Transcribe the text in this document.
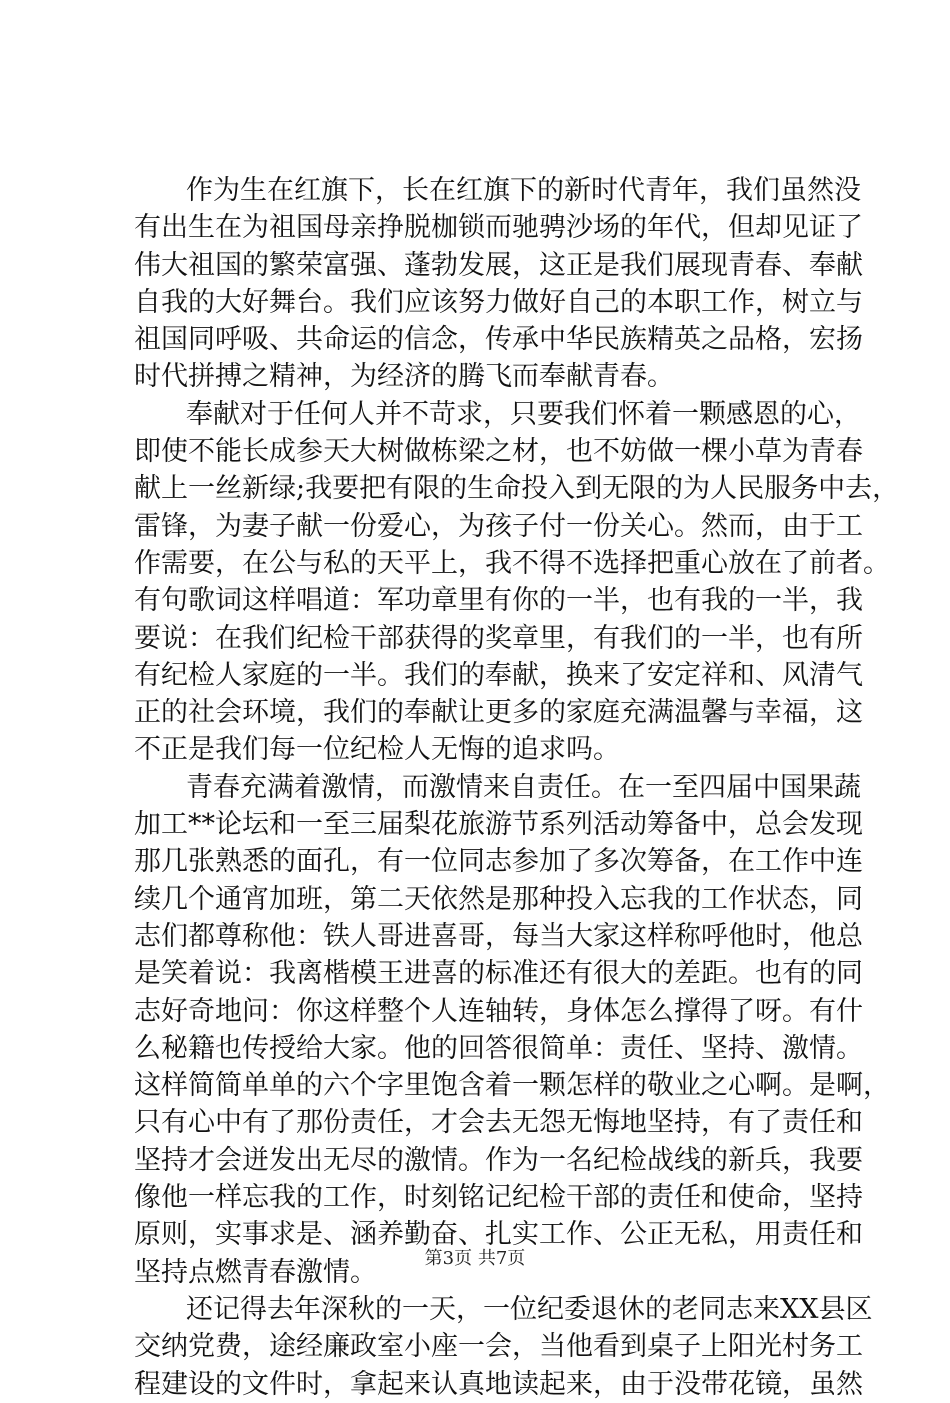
作为生在红旗下，长在红旗下的新时代青年，我们虽然没
有出生在为祖国母亲挣脱枷锁而驰骋沙场的年代，但却见证了
伟大祖国的繁荣富强、蓬勃发展，这正是我们展现青春、奉献
自我的大好舞台。我们应该努力做好自己的本职工作，树立与
祖国同呼吸、共命运的信念，传承中华民族精英之品格，宏扬
时代拼搏之精神，为经济的腾飞而奉献青春。
奉献对于任何人并不苛求，只要我们怀着一颗感恩的心，
即使不能长成参天大树做栋梁之材，也不妨做一棵小草为青春
献上一丝新绿;我要把有限的生命投入到无限的为人民服务中去，
雷锋，为妻子献一份爱心，为孩子付一份关心。然而，由于工
作需要，在公与私的天平上，我不得不选择把重心放在了前者。
有句歌词这样唱道：军功章里有你的一半，也有我的一半，我
要说：在我们纪检干部获得的奖章里，有我们的一半，也有所
有纪检人家庭的一半。我们的奉献，换来了安定祥和、风清气
正的社会环境，我们的奉献让更多的家庭充满温馨与幸福，这
不正是我们每一位纪检人无悔的追求吗。
青春充满着激情，而激情来自责任。在一至四届中国果蔬
加工**论坛和一至三届梨花旅游节系列活动筹备中，总会发现
那几张熟悉的面孔，有一位同志参加了多次筹备，在工作中连
续几个通宵加班，第二天依然是那种投入忘我的工作状态，同
志们都尊称他：铁人哥进喜哥，每当大家这样称呼他时，他总
是笑着说：我离楷模王进喜的标准还有很大的差距。也有的同
志好奇地问：你这样整个人连轴转，身体怎么撑得了呀。有什
么秘籍也传授给大家。他的回答很简单：责任、坚持、激情。
这样简简单单的六个字里饱含着一颗怎样的敬业之心啊。是啊，
只有心中有了那份责任，才会去无怨无悔地坚持，有了责任和
坚持才会迸发出无尽的激情。作为一名纪检战线的新兵，我要
像他一样忘我的工作，时刻铭记纪检干部的责任和使命，坚持
原则，实事求是、涵养勤奋、扎实工作、公正无私，用责任和
坚持点燃青春激情。
还记得去年深秋的一天，一位纪委退休的老同志来XX县区
交纳党费，途经廉政室小座一会，当他看到桌子上阳光村务工
程建设的文件时，拿起来认真地读起来，由于没带花镜，虽然
第3页 共7页
